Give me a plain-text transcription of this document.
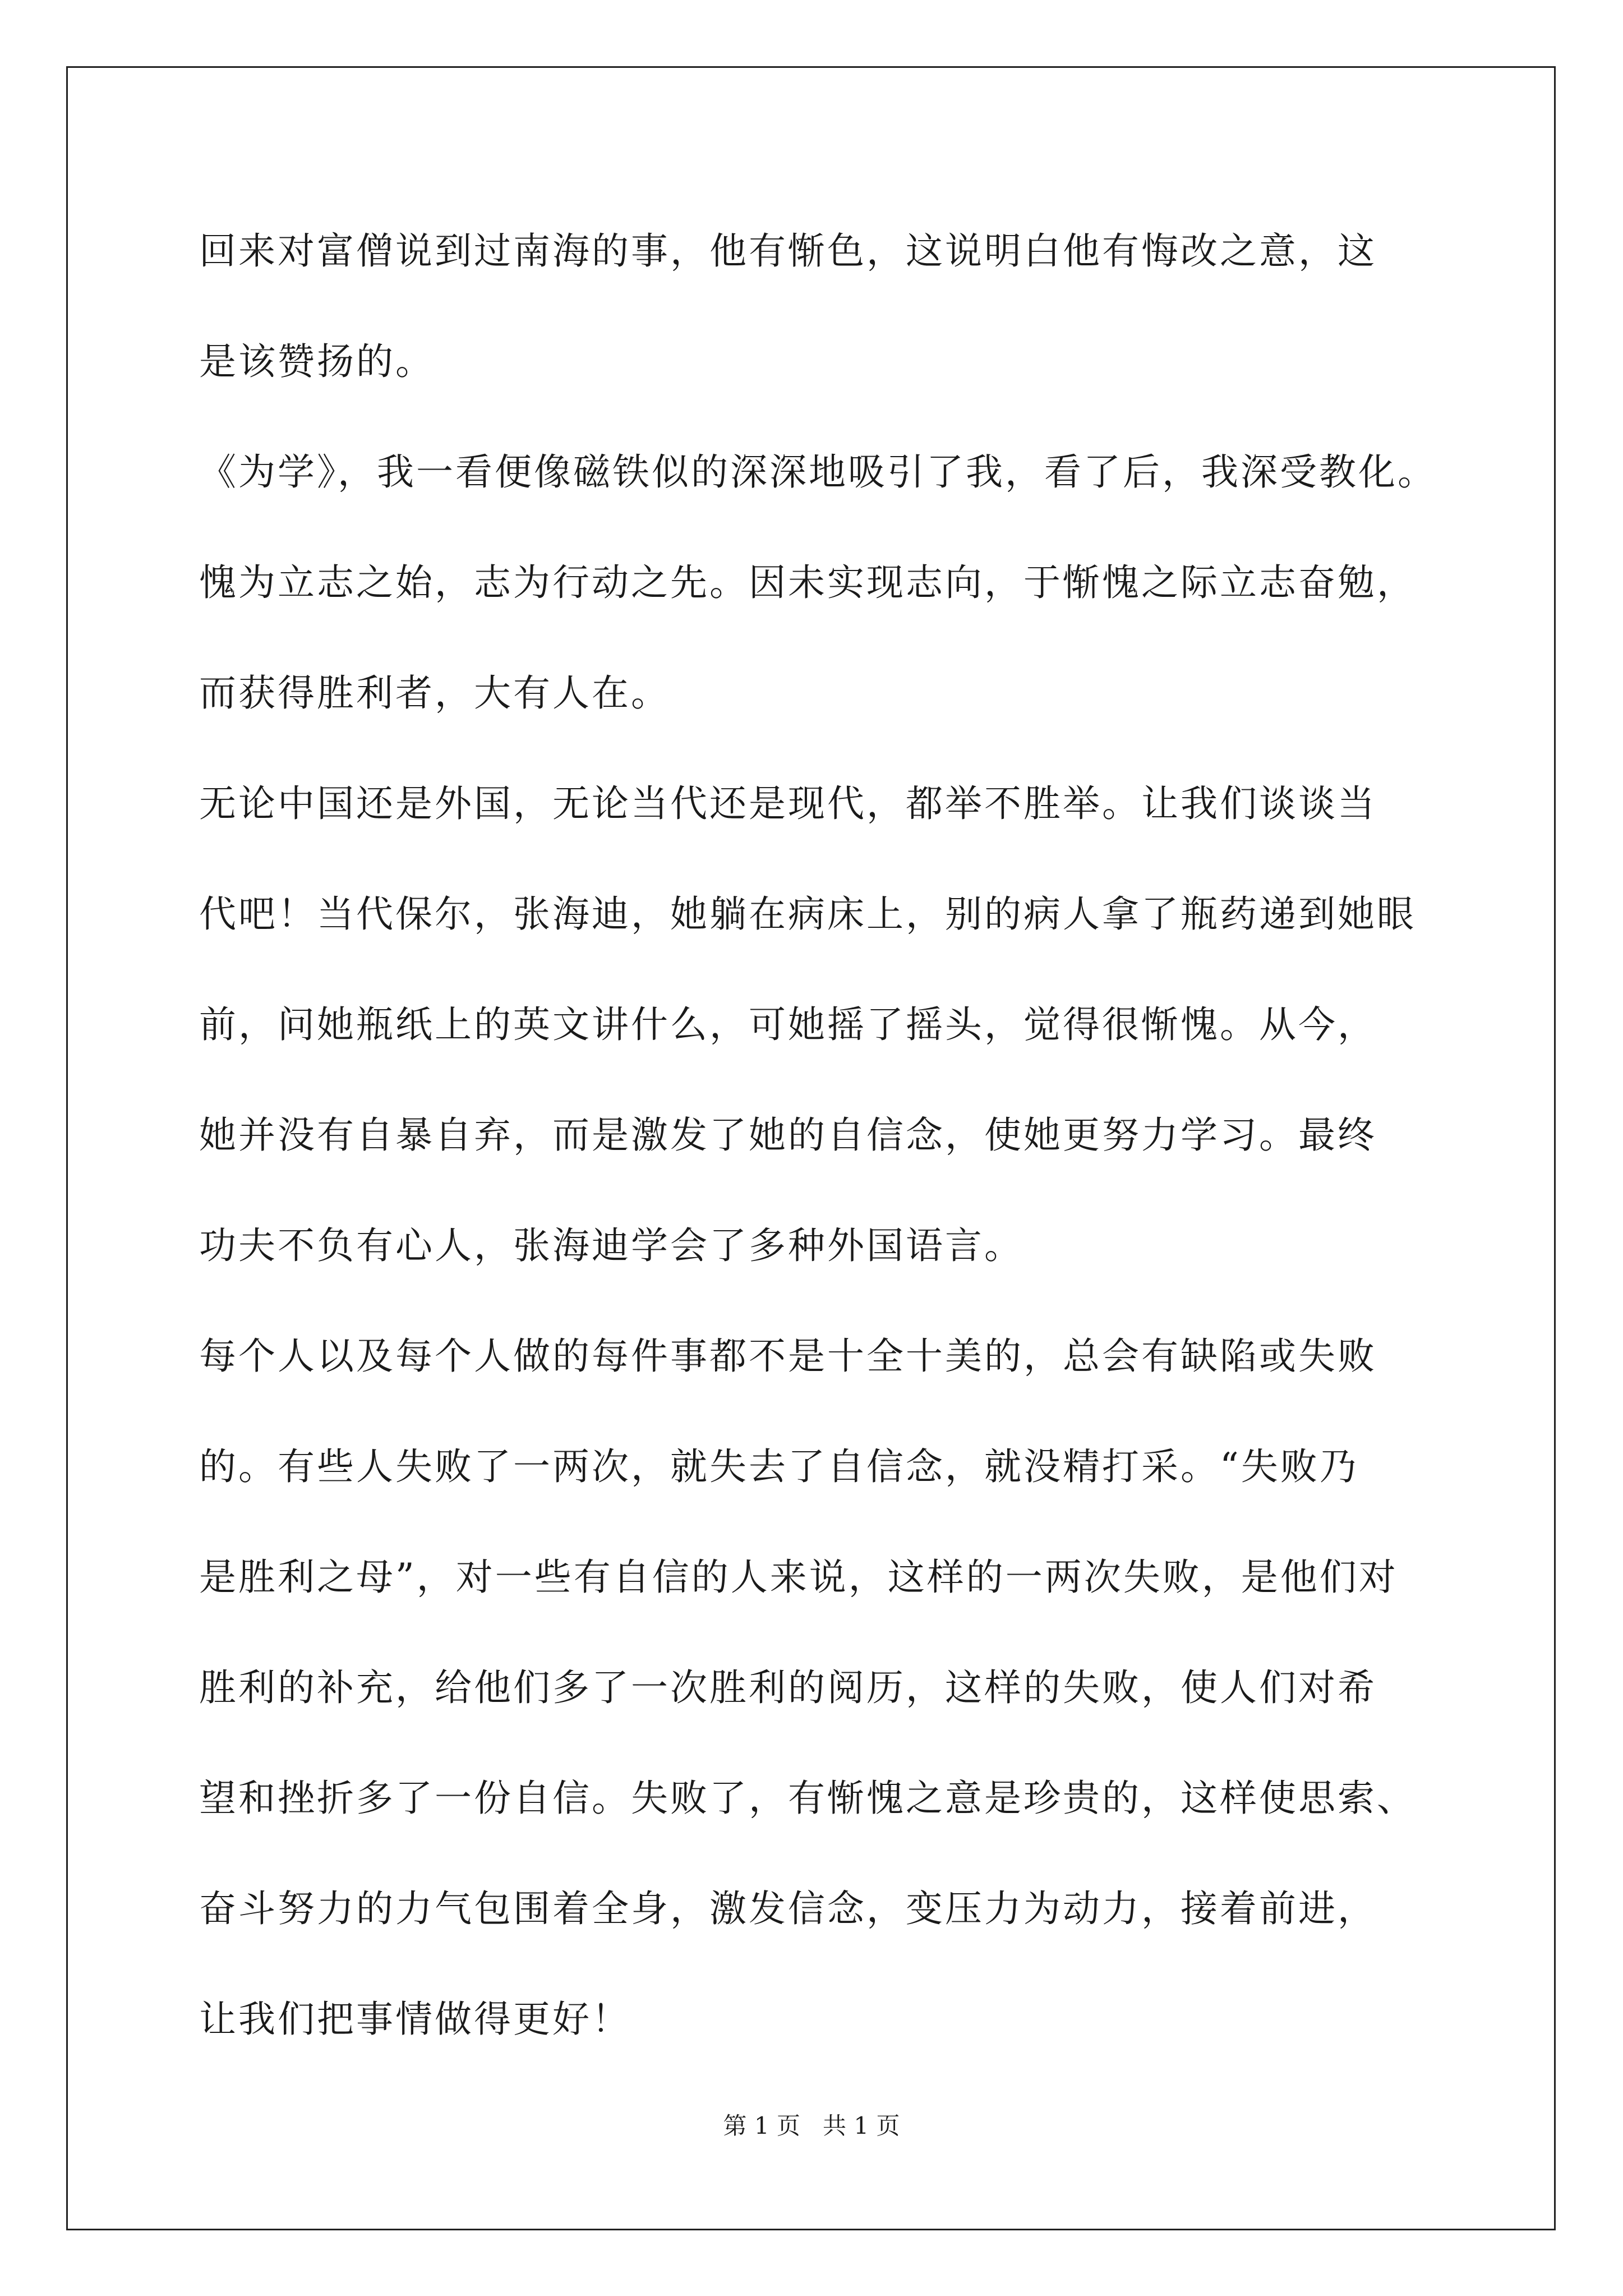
回来对富僧说到过南海的事，他有惭色，这说明白他有悔改之意，这
是该赞扬的。
《为学》，我一看便像磁铁似的深深地吸引了我，看了后，我深受教化。
愧为立志之始，志为行动之先。因未实现志向，于惭愧之际立志奋勉，
而获得胜利者，大有人在。
无论中国还是外国，无论当代还是现代，都举不胜举。让我们谈谈当
代吧！当代保尔，张海迪，她躺在病床上，别的病人拿了瓶药递到她眼
前，问她瓶纸上的英文讲什么，可她摇了摇头，觉得很惭愧。从今，
她并没有自暴自弃，而是激发了她的自信念，使她更努力学习。最终
功夫不负有心人，张海迪学会了多种外国语言。
每个人以及每个人做的每件事都不是十全十美的，总会有缺陷或失败
的。有些人失败了一两次，就失去了自信念，就没精打采。“失败乃
是胜利之母”，对一些有自信的人来说，这样的一两次失败，是他们对
胜利的补充，给他们多了一次胜利的阅历，这样的失败，使人们对希
望和挫折多了一份自信。失败了，有惭愧之意是珍贵的，这样使思索、
奋斗努力的力气包围着全身，激发信念，变压力为动力，接着前进，
让我们把事情做得更好！
第 1 页   共 1 页
